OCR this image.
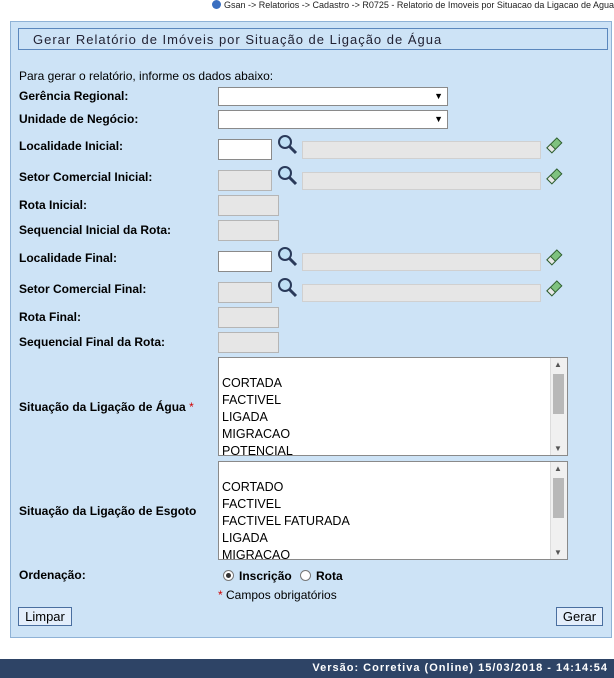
Gsan -> Relatorios -> Cadastro -> R0725 - Relatorio de Imoveis por Situacao da Ligacao de Agua
Gerar Relatório de Imóveis por Situação de Ligação de Água
Para gerar o relatório, informe os dados abaixo:
Gerência Regional:	▼
Unidade de Negócio:	▼
Localidade Inicial:
Setor Comercial Inicial:
Rota Inicial:
Sequencial Inicial da Rota:
Localidade Final:
Setor Comercial Final:
Rota Final:
Sequencial Final da Rota:
Situação da Ligação de Água *
CORTADA
FACTIVEL
LIGADA
MIGRACAO
POTENCIAL
▲
▼
Situação da Ligação de Esgoto
CORTADO
FACTIVEL
FACTIVEL FATURADA
LIGADA
MIGRACAO
▲
▼
Ordenação:	Inscrição Rota
* Campos obrigatórios
Limpar	Gerar
Versão: Corretiva (Online) 15/03/2018 - 14:14:54
